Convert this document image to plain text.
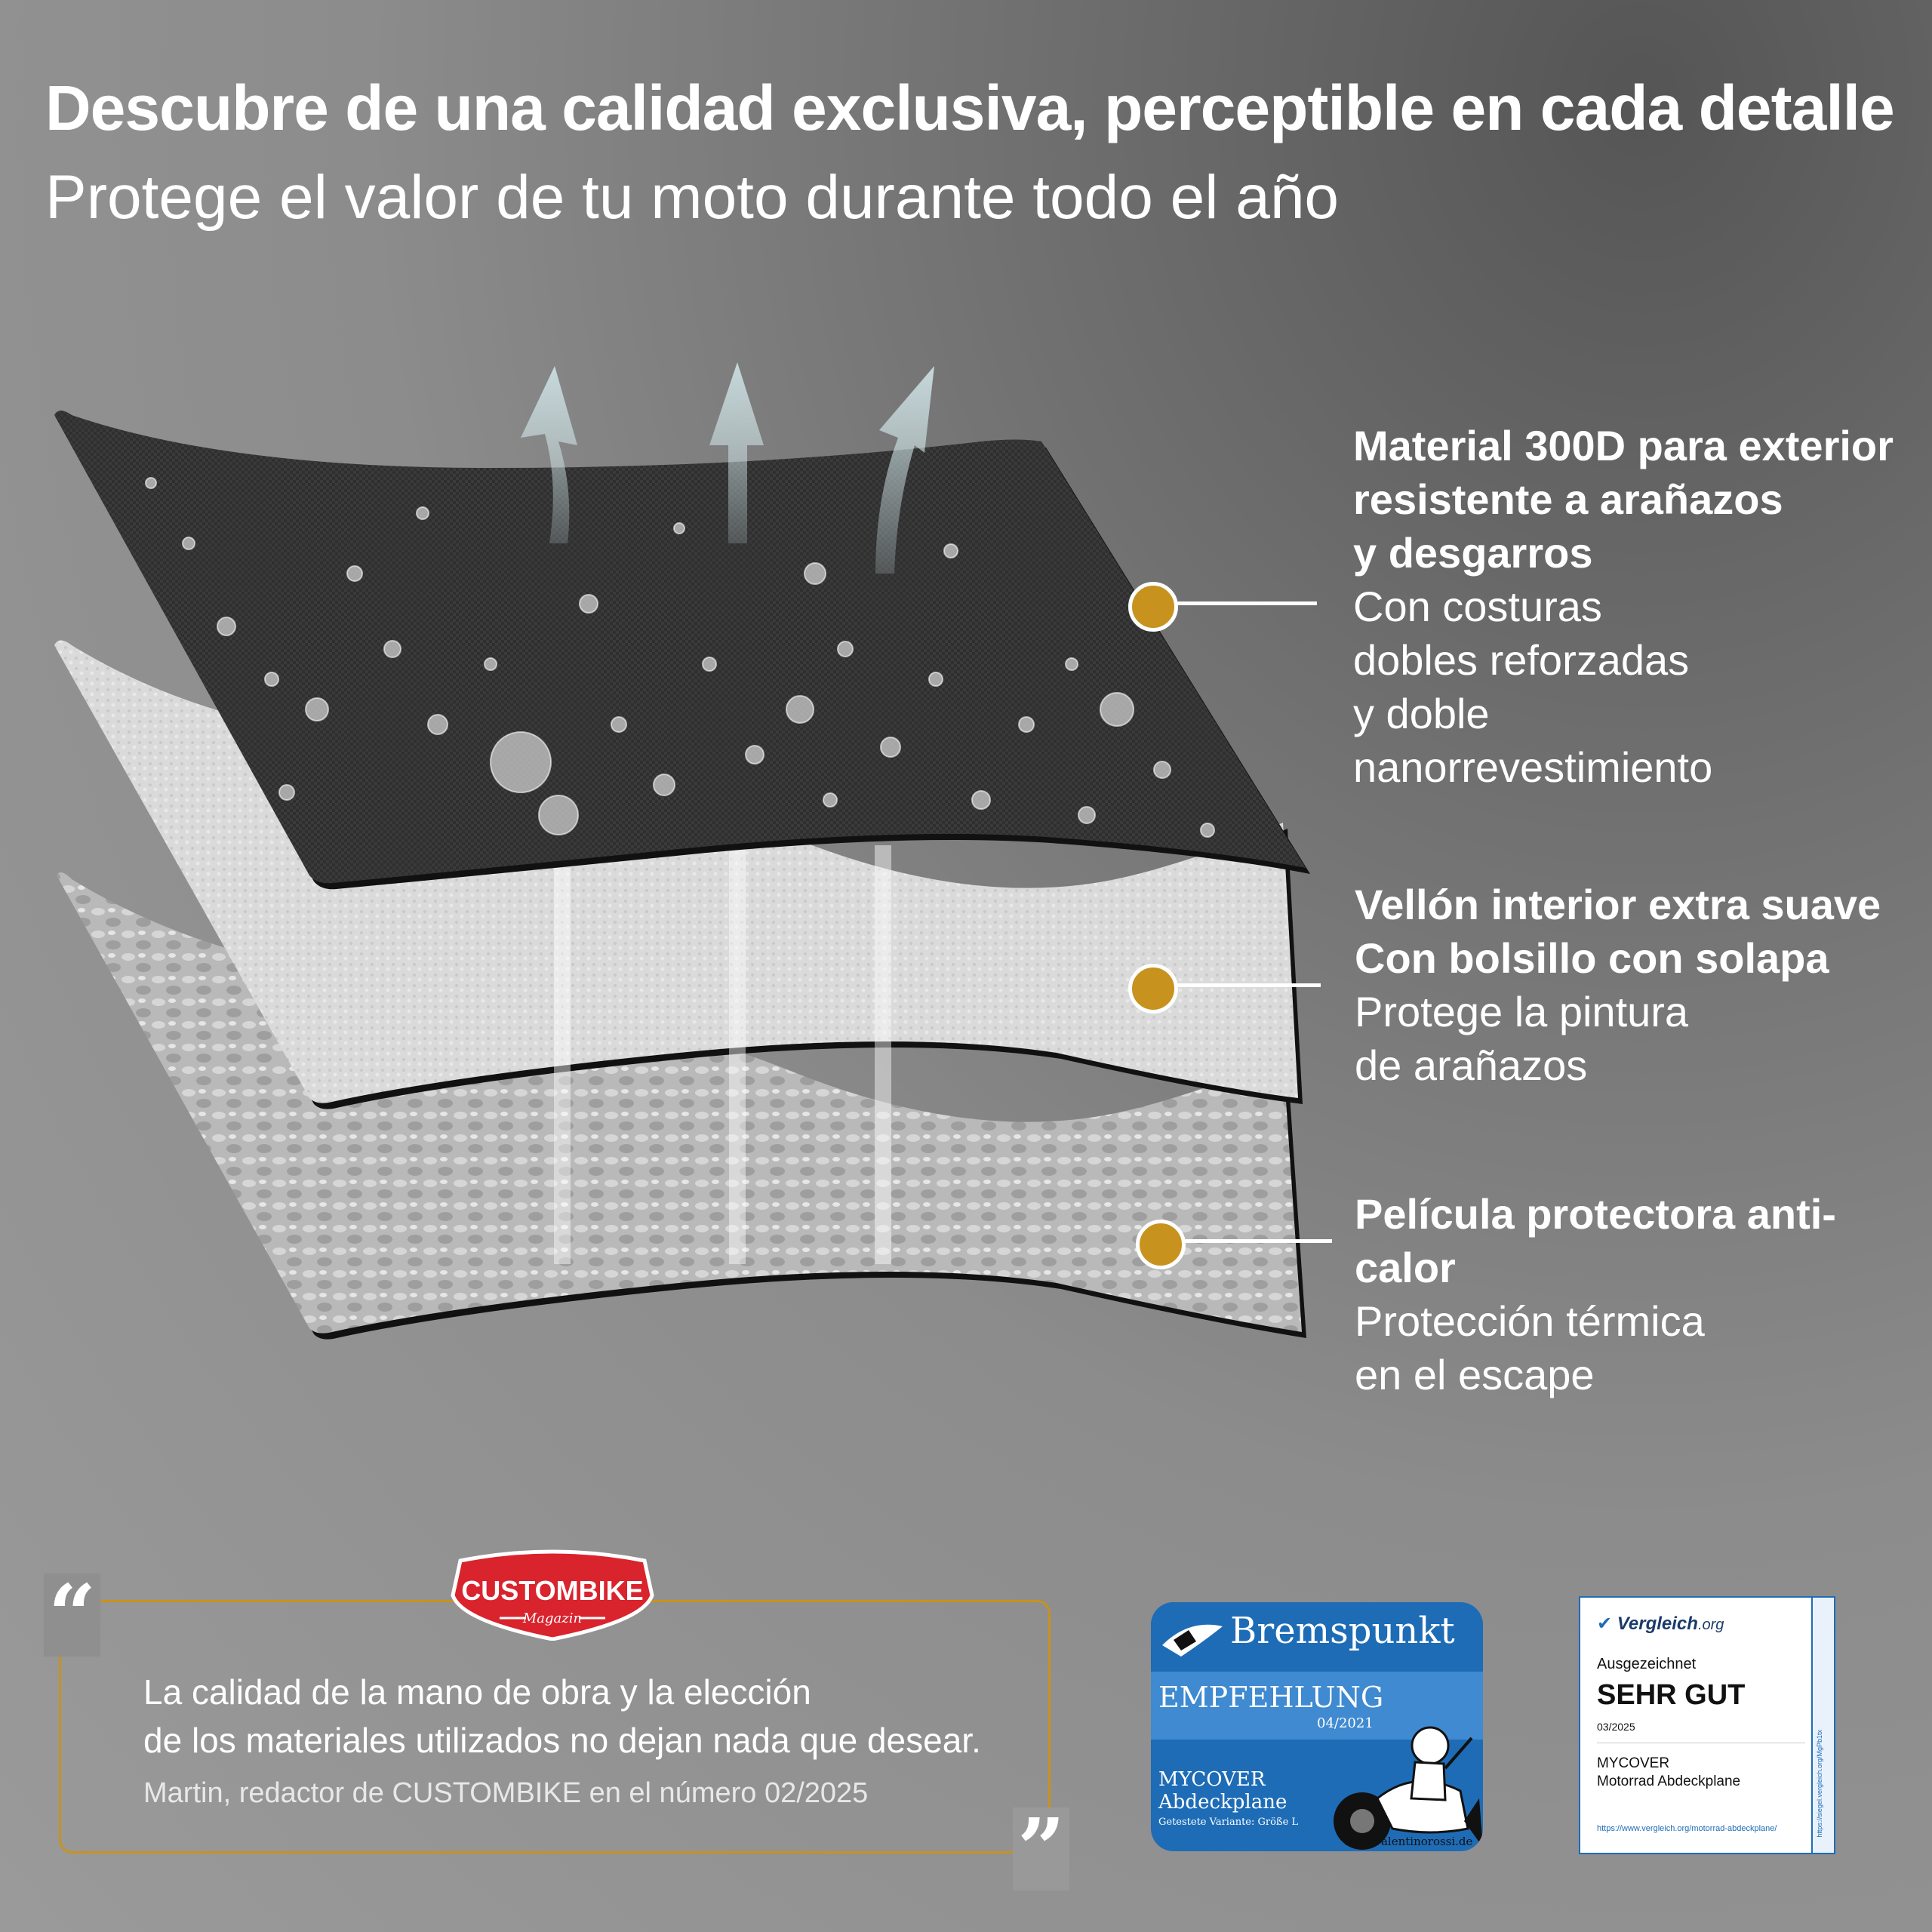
Descubre de una calidad exclusiva, perceptible en cada detalle
Protege el valor de tu moto durante todo el año
Material 300D para exterior
resistente a arañazos
y desgarros
Con costuras
dobles reforzadas
y doble
nanorrevestimiento
Vellón interior extra suave
Con bolsillo con solapa
Protege la pintura
de arañazos
Película protectora anti-calor
Protección térmica
en el escape
“
”
La calidad de la mano de obra y la elección
de los materiales utilizados no dejan nada que desear.
Martin, redactor de CUSTOMBIKE en el número 02/2025
CUSTOMBIKE
Magazin	Bremspunkt
EMPFEHLUNG
04/2021
MYCOVER
Abdeckplane
Getestete Variante: Größe L
www.valentinorossi.de
✔ Vergleich.org
Ausgezeichnet
SEHR GUT
03/2025
MYCOVER
Motorrad Abdeckplane
https://www.vergleich.org/motorrad-abdeckplane/	https://siegel.vergleich.org/MgPb1tx
